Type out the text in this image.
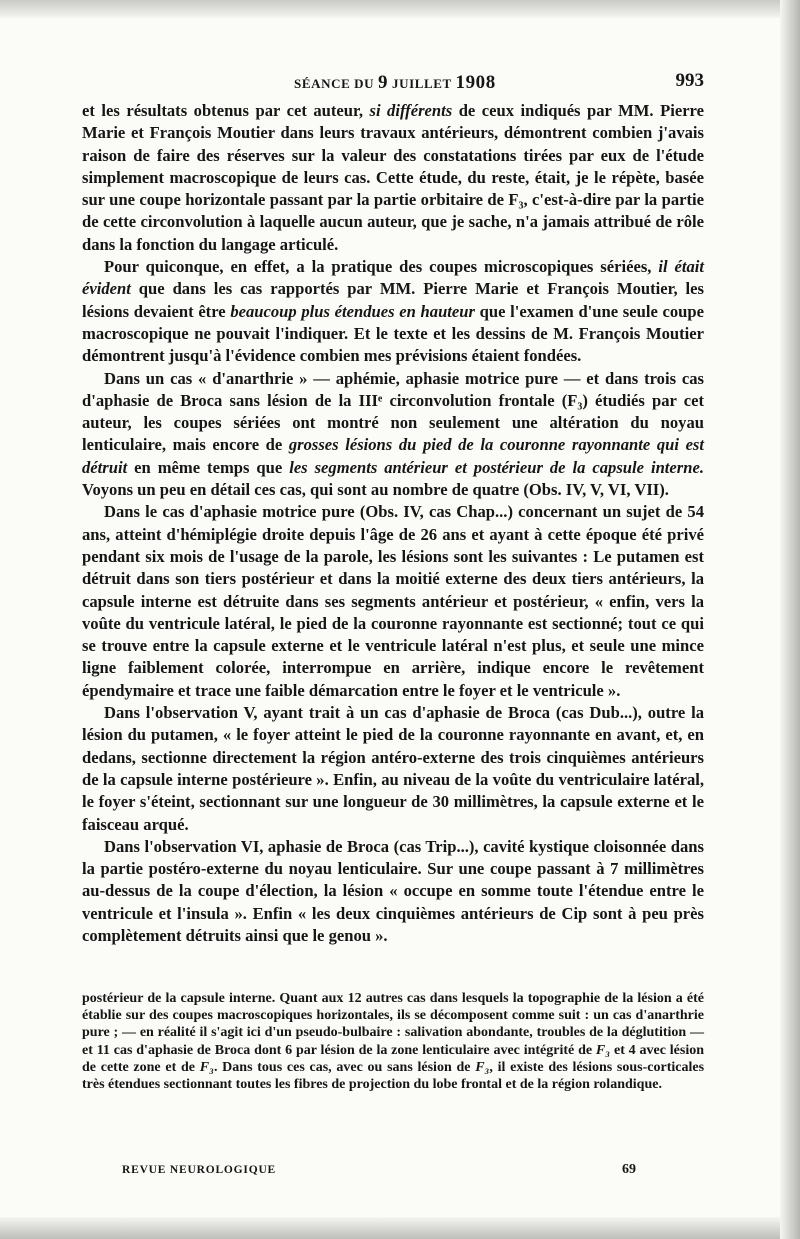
SÉANCE DU 9 JUILLET 1908	993

et les résultats obtenus par cet auteur, si différents de ceux indiqués par MM. Pierre Marie et François Moutier dans leurs travaux antérieurs, démontrent combien j'avais raison de faire des réserves sur la valeur des constatations tirées par eux de l'étude simplement macroscopique de leurs cas. Cette étude, du reste, était, je le répète, basée sur une coupe horizontale passant par la partie orbitaire de F₃, c'est-à-dire par la partie de cette circonvolution à laquelle aucun auteur, que je sache, n'a jamais attribué de rôle dans la fonction du langage articulé.

Pour quiconque, en effet, a la pratique des coupes microscopiques sériées, il était évident que dans les cas rapportés par MM. Pierre Marie et François Moutier, les lésions devaient être beaucoup plus étendues en hauteur que l'examen d'une seule coupe macroscopique ne pouvait l'indiquer. Et le texte et les dessins de M. François Moutier démontrent jusqu'à l'évidence combien mes prévisions étaient fondées.

Dans un cas « d'anarthrie » — aphémie, aphasie motrice pure — et dans trois cas d'aphasie de Broca sans lésion de la IIIᵉ circonvolution frontale (F₃) étudiés par cet auteur, les coupes sériées ont montré non seulement une altération du noyau lenticulaire, mais encore de grosses lésions du pied de la couronne rayonnante qui est détruit en même temps que les segments antérieur et postérieur de la capsule interne. Voyons un peu en détail ces cas, qui sont au nombre de quatre (Obs. IV, V, VI, VII).

Dans le cas d'aphasie motrice pure (Obs. IV, cas Chap...) concernant un sujet de 54 ans, atteint d'hémiplégie droite depuis l'âge de 26 ans et ayant à cette époque été privé pendant six mois de l'usage de la parole, les lésions sont les suivantes : Le putamen est détruit dans son tiers postérieur et dans la moitié externe des deux tiers antérieurs, la capsule interne est détruite dans ses segments antérieur et postérieur, « enfin, vers la voûte du ventricule latéral, le pied de la couronne rayonnante est sectionné; tout ce qui se trouve entre la capsule externe et le ventricule latéral n'est plus, et seule une mince ligne faiblement colorée, interrompue en arrière, indique encore le revêtement épendymaire et trace une faible démarcation entre le foyer et le ventricule ».

Dans l'observation V, ayant trait à un cas d'aphasie de Broca (cas Dub...), outre la lésion du putamen, « le foyer atteint le pied de la couronne rayonnante en avant, et, en dedans, sectionne directement la région antéro-externe des trois cinquièmes antérieurs de la capsule interne postérieure ». Enfin, au niveau de la voûte du ventriculaire latéral, le foyer s'éteint, sectionnant sur une longueur de 30 millimètres, la capsule externe et le faisceau arqué.

Dans l'observation VI, aphasie de Broca (cas Trip...), cavité kystique cloisonnée dans la partie postéro-externe du noyau lenticulaire. Sur une coupe passant à 7 millimètres au-dessus de la coupe d'élection, la lésion « occupe en somme toute l'étendue entre le ventricule et l'insula ». Enfin « les deux cinquièmes antérieurs de Cip sont à peu près complètement détruits ainsi que le genou ».

postérieur de la capsule interne. Quant aux 12 autres cas dans lesquels la topographie de la lésion a été établie sur des coupes macroscopiques horizontales, ils se décomposent comme suit : un cas d'anarthrie pure ; — en réalité il s'agit ici d'un pseudo-bulbaire : salivation abondante, troubles de la déglutition — et 11 cas d'aphasie de Broca dont 6 par lésion de la zone lenticulaire avec intégrité de F₃ et 4 avec lésion de cette zone et de F₃. Dans tous ces cas, avec ou sans lésion de F₃, il existe des lésions sous-corticales très étendues sectionnant toutes les fibres de projection du lobe frontal et de la région rolandique.

REVUE NEUROLOGIQUE	69
